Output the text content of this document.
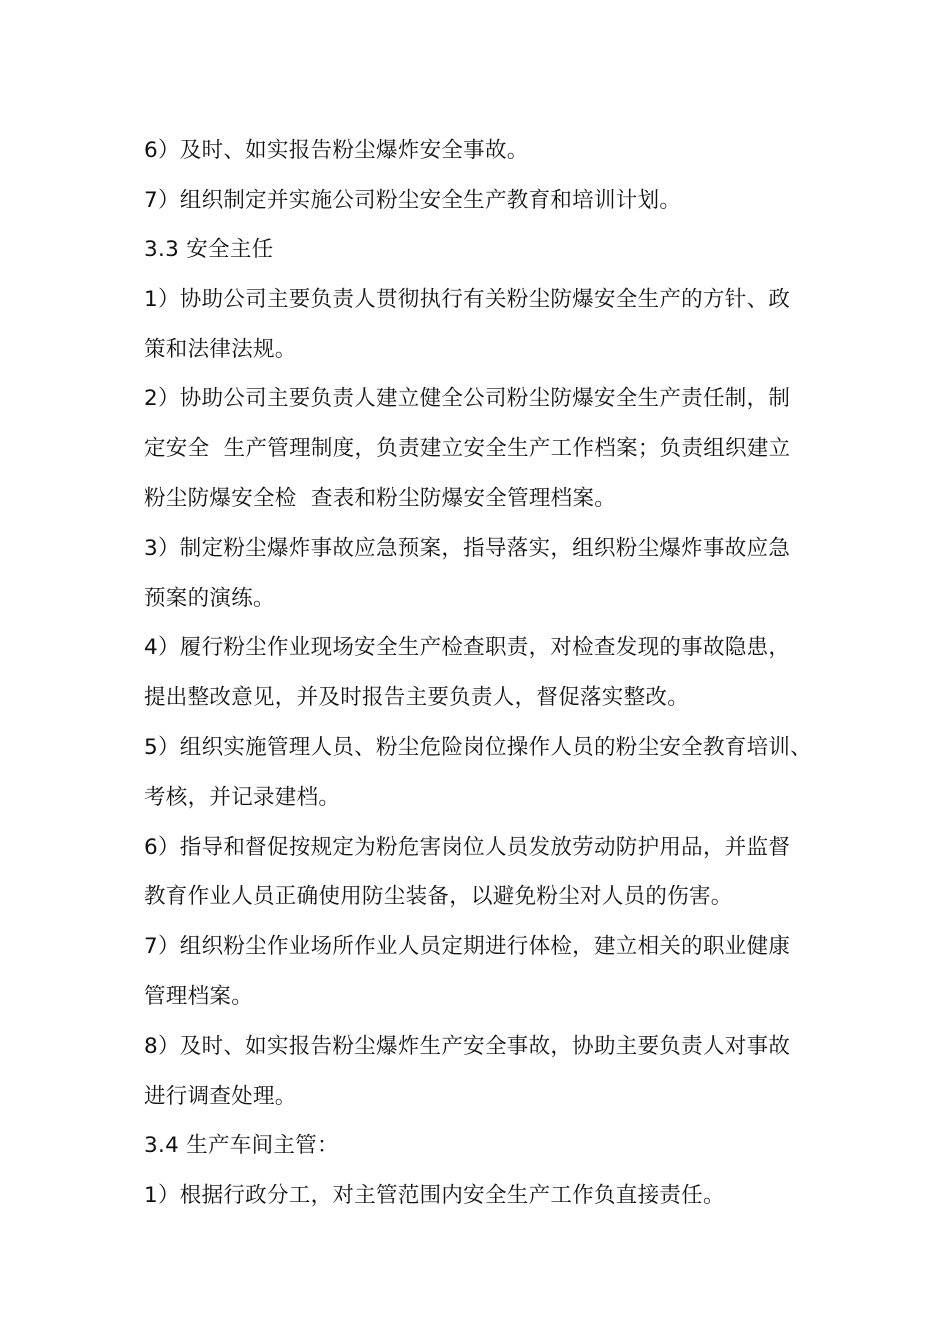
6）及时、如实报告粉尘爆炸安全事故。
7）组织制定并实施公司粉尘安全生产教育和培训计划。
3.3 安全主任
1）协助公司主要负责人贯彻执行有关粉尘防爆安全生产的方针、政
策和法律法规。
2）协助公司主要负责人建立健全公司粉尘防爆安全生产责任制，制
定安全  生产管理制度，负责建立安全生产工作档案；负责组织建立
粉尘防爆安全检  查表和粉尘防爆安全管理档案。
3）制定粉尘爆炸事故应急预案，指导落实，组织粉尘爆炸事故应急
预案的演练。
4）履行粉尘作业现场安全生产检查职责，对检查发现的事故隐患，
提出整改意见，并及时报告主要负责人，督促落实整改。
5）组织实施管理人员、粉尘危险岗位操作人员的粉尘安全教育培训、
考核，并记录建档。
6）指导和督促按规定为粉危害岗位人员发放劳动防护用品，并监督
教育作业人员正确使用防尘装备，以避免粉尘对人员的伤害。
7）组织粉尘作业场所作业人员定期进行体检，建立相关的职业健康
管理档案。
8）及时、如实报告粉尘爆炸生产安全事故，协助主要负责人对事故
进行调查处理。
3.4 生产车间主管：
1）根据行政分工，对主管范围内安全生产工作负直接责任。
